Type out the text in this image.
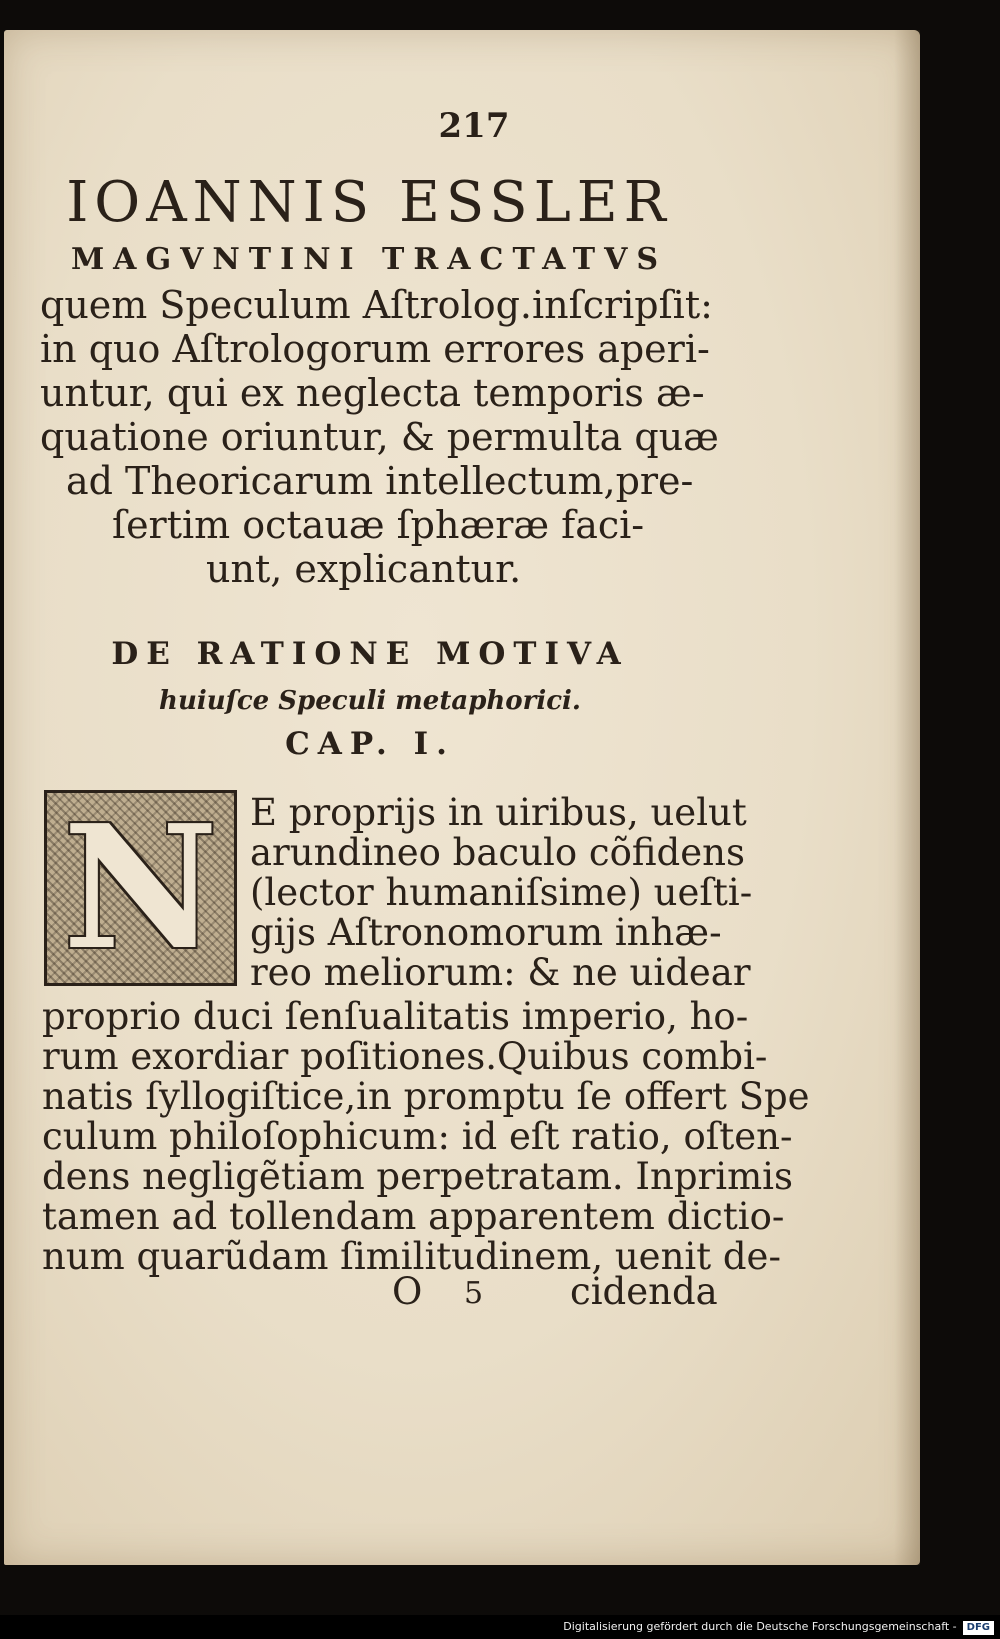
217
IOANNIS ESSLER
MAGVNTINI TRACTATVS
quem Speculum Aſtrolog.inſcripſit:
in quo Aſtrologorum errores aperi-
untur, qui ex neglecta temporis æ-
quatione oriuntur, & permulta quæ
ad Theoricarum intellectum,pre-
ſertim octauæ ſphæræ faci-
unt, explicantur.
DE RATIONE MOTIVA
huiuſce Speculi metaphorici.
CAP. I.
N E proprijs in uiribus, uelut
arundineo baculo cõfidens
(lector humaniſsime) ueſti-
gijs Aſtronomorum inhæ-
reo meliorum: & ne uidear
proprio duci ſenſualitatis imperio, ho-
rum exordiar poſitiones.Quibus combi-
natis ſyllogiſtice,in promptu ſe offert Spe
culum philoſophicum: id eſt ratio, oſten-
dens negligẽtiam perpetratam. Inprimis
tamen ad tollendam apparentem dictio-
num quarũdam ſimilitudinem, uenit de-
O 5 cidenda
Digitalisierung gefördert durch die Deutsche Forschungsgemeinschaft - DFG
